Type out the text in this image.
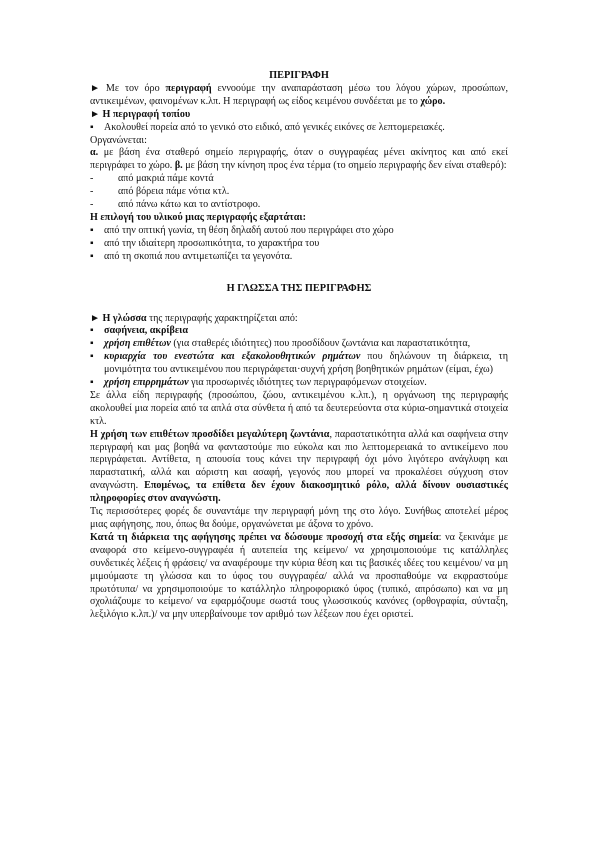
ΠΕΡΙΓΡΑΦΗ

► Με τον όρο περιγραφή εννοούμε την αναπαράσταση μέσω του λόγου χώρων, προσώπων, αντικειμένων, φαινομένων κ.λπ. Η περιγραφή ως είδος κειμένου συνδέεται με το χώρο.

► Η περιγραφή τοπίου

▪ Ακολουθεί πορεία από το γενικό στο ειδικό, από γενικές εικόνες σε λεπτομερειακές.

Οργανώνεται:

α. με βάση ένα σταθερό σημείο περιγραφής, όταν ο συγγραφέας μένει ακίνητος και από εκεί περιγράφει το χώρο. β. με βάση την κίνηση προς ένα τέρμα (το σημείο περιγραφής δεν είναι σταθερό):

- από μακριά πάμε κοντά
- από βόρεια πάμε νότια κτλ.
- από πάνω κάτω και το αντίστροφο.

Η επιλογή του υλικού μιας περιγραφής εξαρτάται:

▪ από την οπτική γωνία, τη θέση δηλαδή αυτού που περιγράφει στο χώρο
▪ από την ιδιαίτερη προσωπικότητα, το χαρακτήρα του
▪ από τη σκοπιά που αντιμετωπίζει τα γεγονότα.

Η ΓΛΩΣΣΑ ΤΗΣ ΠΕΡΙΓΡΑΦΗΣ

► Η γλώσσα της περιγραφής χαρακτηρίζεται από:

▪ σαφήνεια, ακρίβεια
▪ χρήση επιθέτων (για σταθερές ιδιότητες) που προσδίδουν ζωντάνια και παραστατικότητα,
▪ κυριαρχία του ενεστώτα και εξακολουθητικών ρημάτων που δηλώνουν τη διάρκεια, τη μονιμότητα του αντικειμένου που περιγράφεται·συχνή χρήση βοηθητικών ρημάτων (είμαι, έχω)
▪ χρήση επιρρημάτων για προσωρινές ιδιότητες των περιγραφόμενων στοιχείων.

Σε άλλα είδη περιγραφής (προσώπου, ζώου, αντικειμένου κ.λπ.), η οργάνωση της περιγραφής ακολουθεί μια πορεία από τα απλά στα σύνθετα ή από τα δευτερεύοντα στα κύρια-σημαντικά στοιχεία κτλ.

Η χρήση των επιθέτων προσδίδει μεγαλύτερη ζωντάνια, παραστατικότητα αλλά και σαφήνεια στην περιγραφή και μας βοηθά να φανταστούμε πιο εύκολα και πιο λεπτομερειακά το αντικείμενο που περιγράφεται. Αντίθετα, η απουσία τους κάνει την περιγραφή όχι μόνο λιγότερο ανάγλυφη και παραστατική, αλλά και αόριστη και ασαφή, γεγονός που μπορεί να προκαλέσει σύγχυση στον αναγνώστη. Επομένως, τα επίθετα δεν έχουν διακοσμητικό ρόλο, αλλά δίνουν ουσιαστικές πληροφορίες στον αναγνώστη.

Τις περισσότερες φορές δε συναντάμε την περιγραφή μόνη της στο λόγο. Συνήθως αποτελεί μέρος μιας αφήγησης, που, όπως θα δούμε, οργανώνεται με άξονα το χρόνο.

Κατά τη διάρκεια της αφήγησης πρέπει να δώσουμε προσοχή στα εξής σημεία: να ξεκινάμε με αναφορά στο κείμενο-συγγραφέα ή αυτεπεία της κείμενο/ να χρησιμοποιούμε τις κατάλληλες συνδετικές λέξεις ή φράσεις/ να αναφέρουμε την κύρια θέση και τις βασικές ιδέες του κειμένου/ να μη μιμούμαστε τη γλώσσα και το ύφος του συγγραφέα/ αλλά να προσπαθούμε να εκφραστούμε πρωτότυπα/ να χρησιμοποιούμε το κατάλληλο πληροφοριακό ύφος (τυπικό, απρόσωπο) και να μη σχολιάζουμε το κείμενο/ να εφαρμόζουμε σωστά τους γλωσσικούς κανόνες (ορθογραφία, σύνταξη, λεξιλόγιο κ.λπ.)/ να μην υπερβαίνουμε τον αριθμό των λέξεων που έχει οριστεί.
